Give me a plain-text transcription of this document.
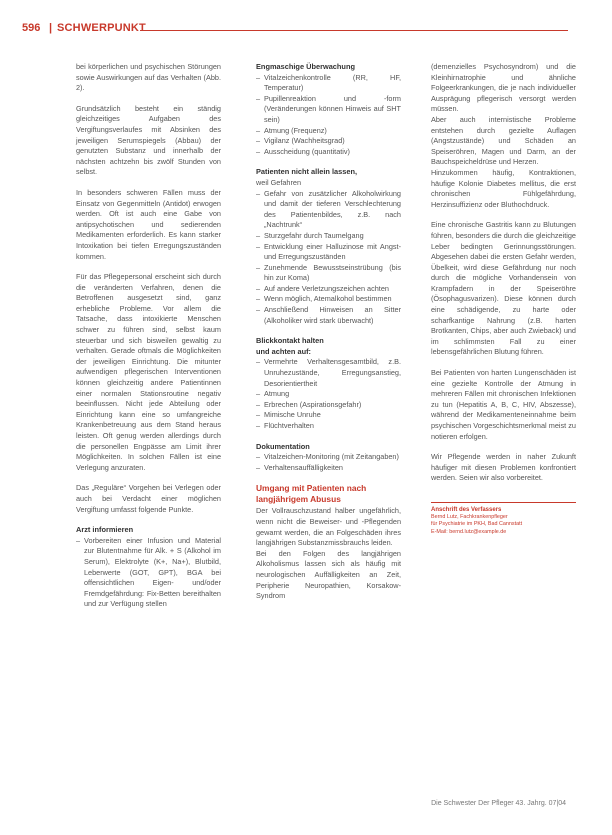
596 | SCHWERPUNKT

bei körperlichen und psychischen Störungen sowie Auswirkungen auf das Verhalten (Abb. 2).

Grundsätzlich besteht ein ständig gleichzeitiges Aufgaben des Vergiftungsverlaufes mit Absinken des jeweiligen Serumspiegels (Abbau) der genutzten Substanz und innerhalb der nächsten achtzehn bis zwölf Stunden von selbst.

In besonders schweren Fällen muss der Einsatz von Gegenmitteln (Antidot) erwogen werden. Oft ist auch eine Gabe von antipsychotischen und sedierenden Medikamenten erforderlich. Es kann starker Intoxikation bei tiefen Erregungszuständen kommen.

Für das Pflegepersonal erscheint sich durch die veränderten Verfahren, denen die Betroffenen ausgesetzt sind, ganz erhebliche Probleme. Vor allem die Tatsache, dass intoxikierte Menschen schwer zu führen sind, selbst kaum steuerbar und sich bisweilen gewaltig zu verhalten. Gerade oftmals die Möglichkeiten der jeweiligen Einrichtung. Die mitunter aufwendigen pflegerischen Interventionen können gleichzeitig andere Patientinnen einer normalen Stationsroutine negativ beeinflussen. Nicht jede Abteilung oder Einrichtung kann eine so umfangreiche Krankenbetreuung aus dem Stand heraus leisten. Oft genug werden allerdings durch die personellen Engpässe am Limit ihrer Möglichkeiten. In solchen Fällen ist eine Verlegung anzuraten.

Das „Reguläre“ Vorgehen bei Verlegen oder auch bei Verdacht einer möglichen Vergiftung umfasst folgende Punkte.

Arzt informieren
– Vorbereiten einer Infusion und Material zur Blutentnahme für Alk. + S (Alkohol im Serum), Elektrolyte (K+, Na+), Blutbild, Leberwerte (GOT, GPT), BGA bei offensichtlichen Eigen- und/oder Fremdgefährdung: Fix-Betten bereithalten und zur Verfügung stellen
Engmaschige Überwachung
– Vitalzeichenkontrolle (RR, HF, Temperatur)
– Pupillenreaktion und -form (Veränderungen können Hinweis auf SHT sein)
– Atmung (Frequenz)
– Vigilanz (Wachheitsgrad)
– Ausscheidung (quantitativ)
Patienten nicht allein lassen,
weil Gefahren
– Gefahr von zusätzlicher Alkoholwirkung und damit der tieferen Verschlechterung des Patientenbildes, z.B. nach „Nachtrunk“
– Sturzgefahr durch Taumelgang
– Entwicklung einer Halluzinose mit Angst- und Erregungszuständen
– Zunehmende Bewusstseinstrübung (bis hin zur Koma)
– Auf andere Verletzungszeichen achten
– Wenn möglich, Atemalkohol bestimmen
– Anschließend Hinweisen an Sitter (Alkoholiker wird stark überwacht)
Blickkontakt halten
und achten auf:
– Vermehrte Verhaltensgesamtbild, z.B. Unruhezustände, Erregungsanstieg, Desorientiertheit
– Atmung
– Erbrechen (Aspirationsgefahr)
– Mimische Unruhe
– Flüchtverhalten
Dokumentation
– Vitalzeichen-Monitoring (mit Zeitangaben)
– Verhaltensauffälligkeiten
Umgang mit Patienten nach langjährigem Abusus

Der Vollrauschzustand halber ungefährlich, wenn nicht die Beweiser- und -Pflegenden gewarnt werden, die an Folgeschäden ihres langjährigen Substanzmissbrauchs leiden.

Bei den Folgen des langjährigen Alkoholismus lassen sich als häufig mit neurologischen Auffälligkeiten an Zeit, Peripherie Neuropathien, Korsakow-Syndrom

(demenzielles Psychosyndrom) und die Kleinhirnatrophie und ähnliche Folgeerkrankungen, die je nach individueller Ausprägung pflegerisch versorgt werden müssen.

Aber auch internistische Probleme entstehen durch gezielte Auflagen (Angstzustände) und Schäden an Speiseröhren, Magen und Darm, an der Bauchspeicheldrüse und Herzen.

Hinzukommen häufig, Kontraktionen, häufige Kolonie Diabetes mellitus, die erst chronischen Fühlgefährdung, Herzinsuffizienz oder Bluthochdruck.

Eine chronische Gastritis kann zu Blutungen führen, besonders die durch die gleichzeitige Leber bedingten Gerinnungsstörungen. Abgesehen dabei die ersten Gefahr werden, Übelkeit, wird diese Gefährdung nur noch durch die mögliche Vorhandensein von Krampfadern in der Speiseröhre (Ösophagusvarizen). Diese können durch eine schädigende, zu harte oder scharfkantige Nahrung (z.B. harten Brotkanten, Chips, aber auch Zwieback) und im schlimmsten Fall zu einer lebensgefährlichen Blutung führen.

Bei Patienten von harten Lungenschäden ist eine gezielte Kontrolle der Atmung in mehreren Fällen mit chronischen Infektionen zu tun (Hepatitis A, B, C, HIV, Abszesse), während der Medikamenteneinnahme beim psychischen Vorgeschichtsmerkmal meist zu notieren erfolgen.

Wir Pflegende werden in naher Zukunft häufiger mit diesen Problemen konfrontiert werden. Seien wir also vorbereitet.

Anschrift des Verfassers
Bernd Lutz, Fachkrankenpfleger
für Psychiatrie im PKH, Bad Cannstatt
E-Mail: bernd.lutz@example.de
Die Schwester Der Pfleger 43. Jahrg. 07|04
